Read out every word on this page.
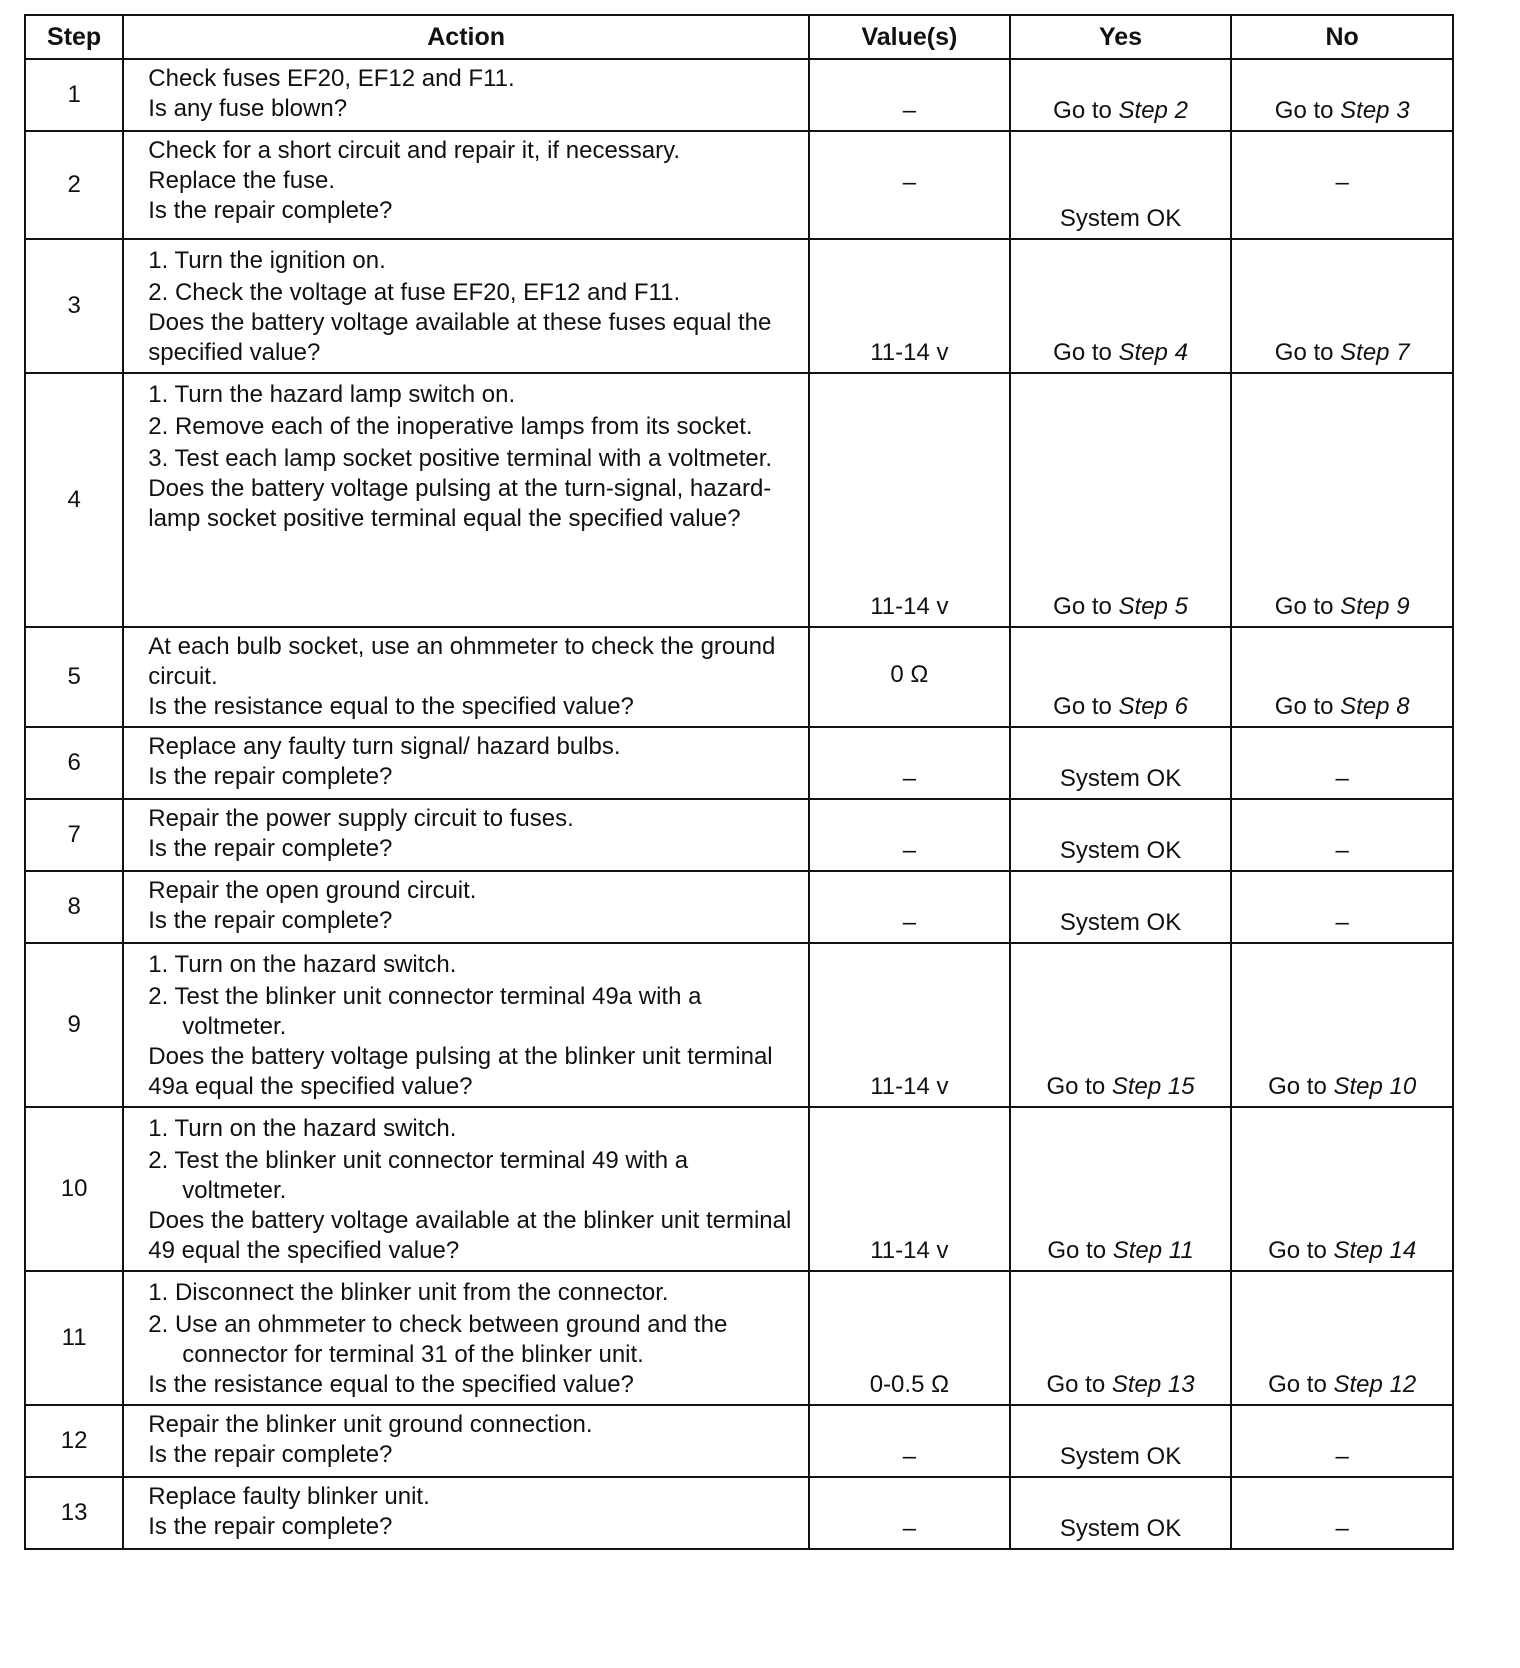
Step	Action	Value(s)	Yes	No
1	Check fuses EF20, EF12 and F11.
Is any fuse blown?	–	Go to Step 2	Go to Step 3
2	Check for a short circuit and repair it, if necessary.
Replace the fuse.
Is the repair complete?	–	System OK	–
3	1. Turn the ignition on.
2. Check the voltage at fuse EF20, EF12 and F11.
Does the battery voltage available at these fuses equal the specified value?	11-14 v	Go to Step 4	Go to Step 7
4	1. Turn the hazard lamp switch on.
2. Remove each of the inoperative lamps from its socket.
3. Test each lamp socket positive terminal with a voltmeter.
Does the battery voltage pulsing at the turn-signal, hazard-lamp socket positive terminal equal the specified value?	11-14 v	Go to Step 5	Go to Step 9
5	At each bulb socket, use an ohmmeter to check the ground circuit.
Is the resistance equal to the specified value?	0 Ω	Go to Step 6	Go to Step 8
6	Replace any faulty turn signal/ hazard bulbs.
Is the repair complete?	–	System OK	–
7	Repair the power supply circuit to fuses.
Is the repair complete?	–	System OK	–
8	Repair the open ground circuit.
Is the repair complete?	–	System OK	–
9	1. Turn on the hazard switch.
2. Test the blinker unit connector terminal 49a with a voltmeter.
Does the battery voltage pulsing at the blinker unit terminal 49a equal the specified value?	11-14 v	Go to Step 15	Go to Step 10
10	1. Turn on the hazard switch.
2. Test the blinker unit connector terminal 49 with a voltmeter.
Does the battery voltage available at the blinker unit terminal 49 equal the specified value?	11-14 v	Go to Step 11	Go to Step 14
11	1. Disconnect the blinker unit from the connector.
2. Use an ohmmeter to check between ground and the connector for terminal 31 of the blinker unit.
Is the resistance equal to the specified value?	0-0.5 Ω	Go to Step 13	Go to Step 12
12	Repair the blinker unit ground connection.
Is the repair complete?	–	System OK	–
13	Replace faulty blinker unit.
Is the repair complete?	–	System OK	–
